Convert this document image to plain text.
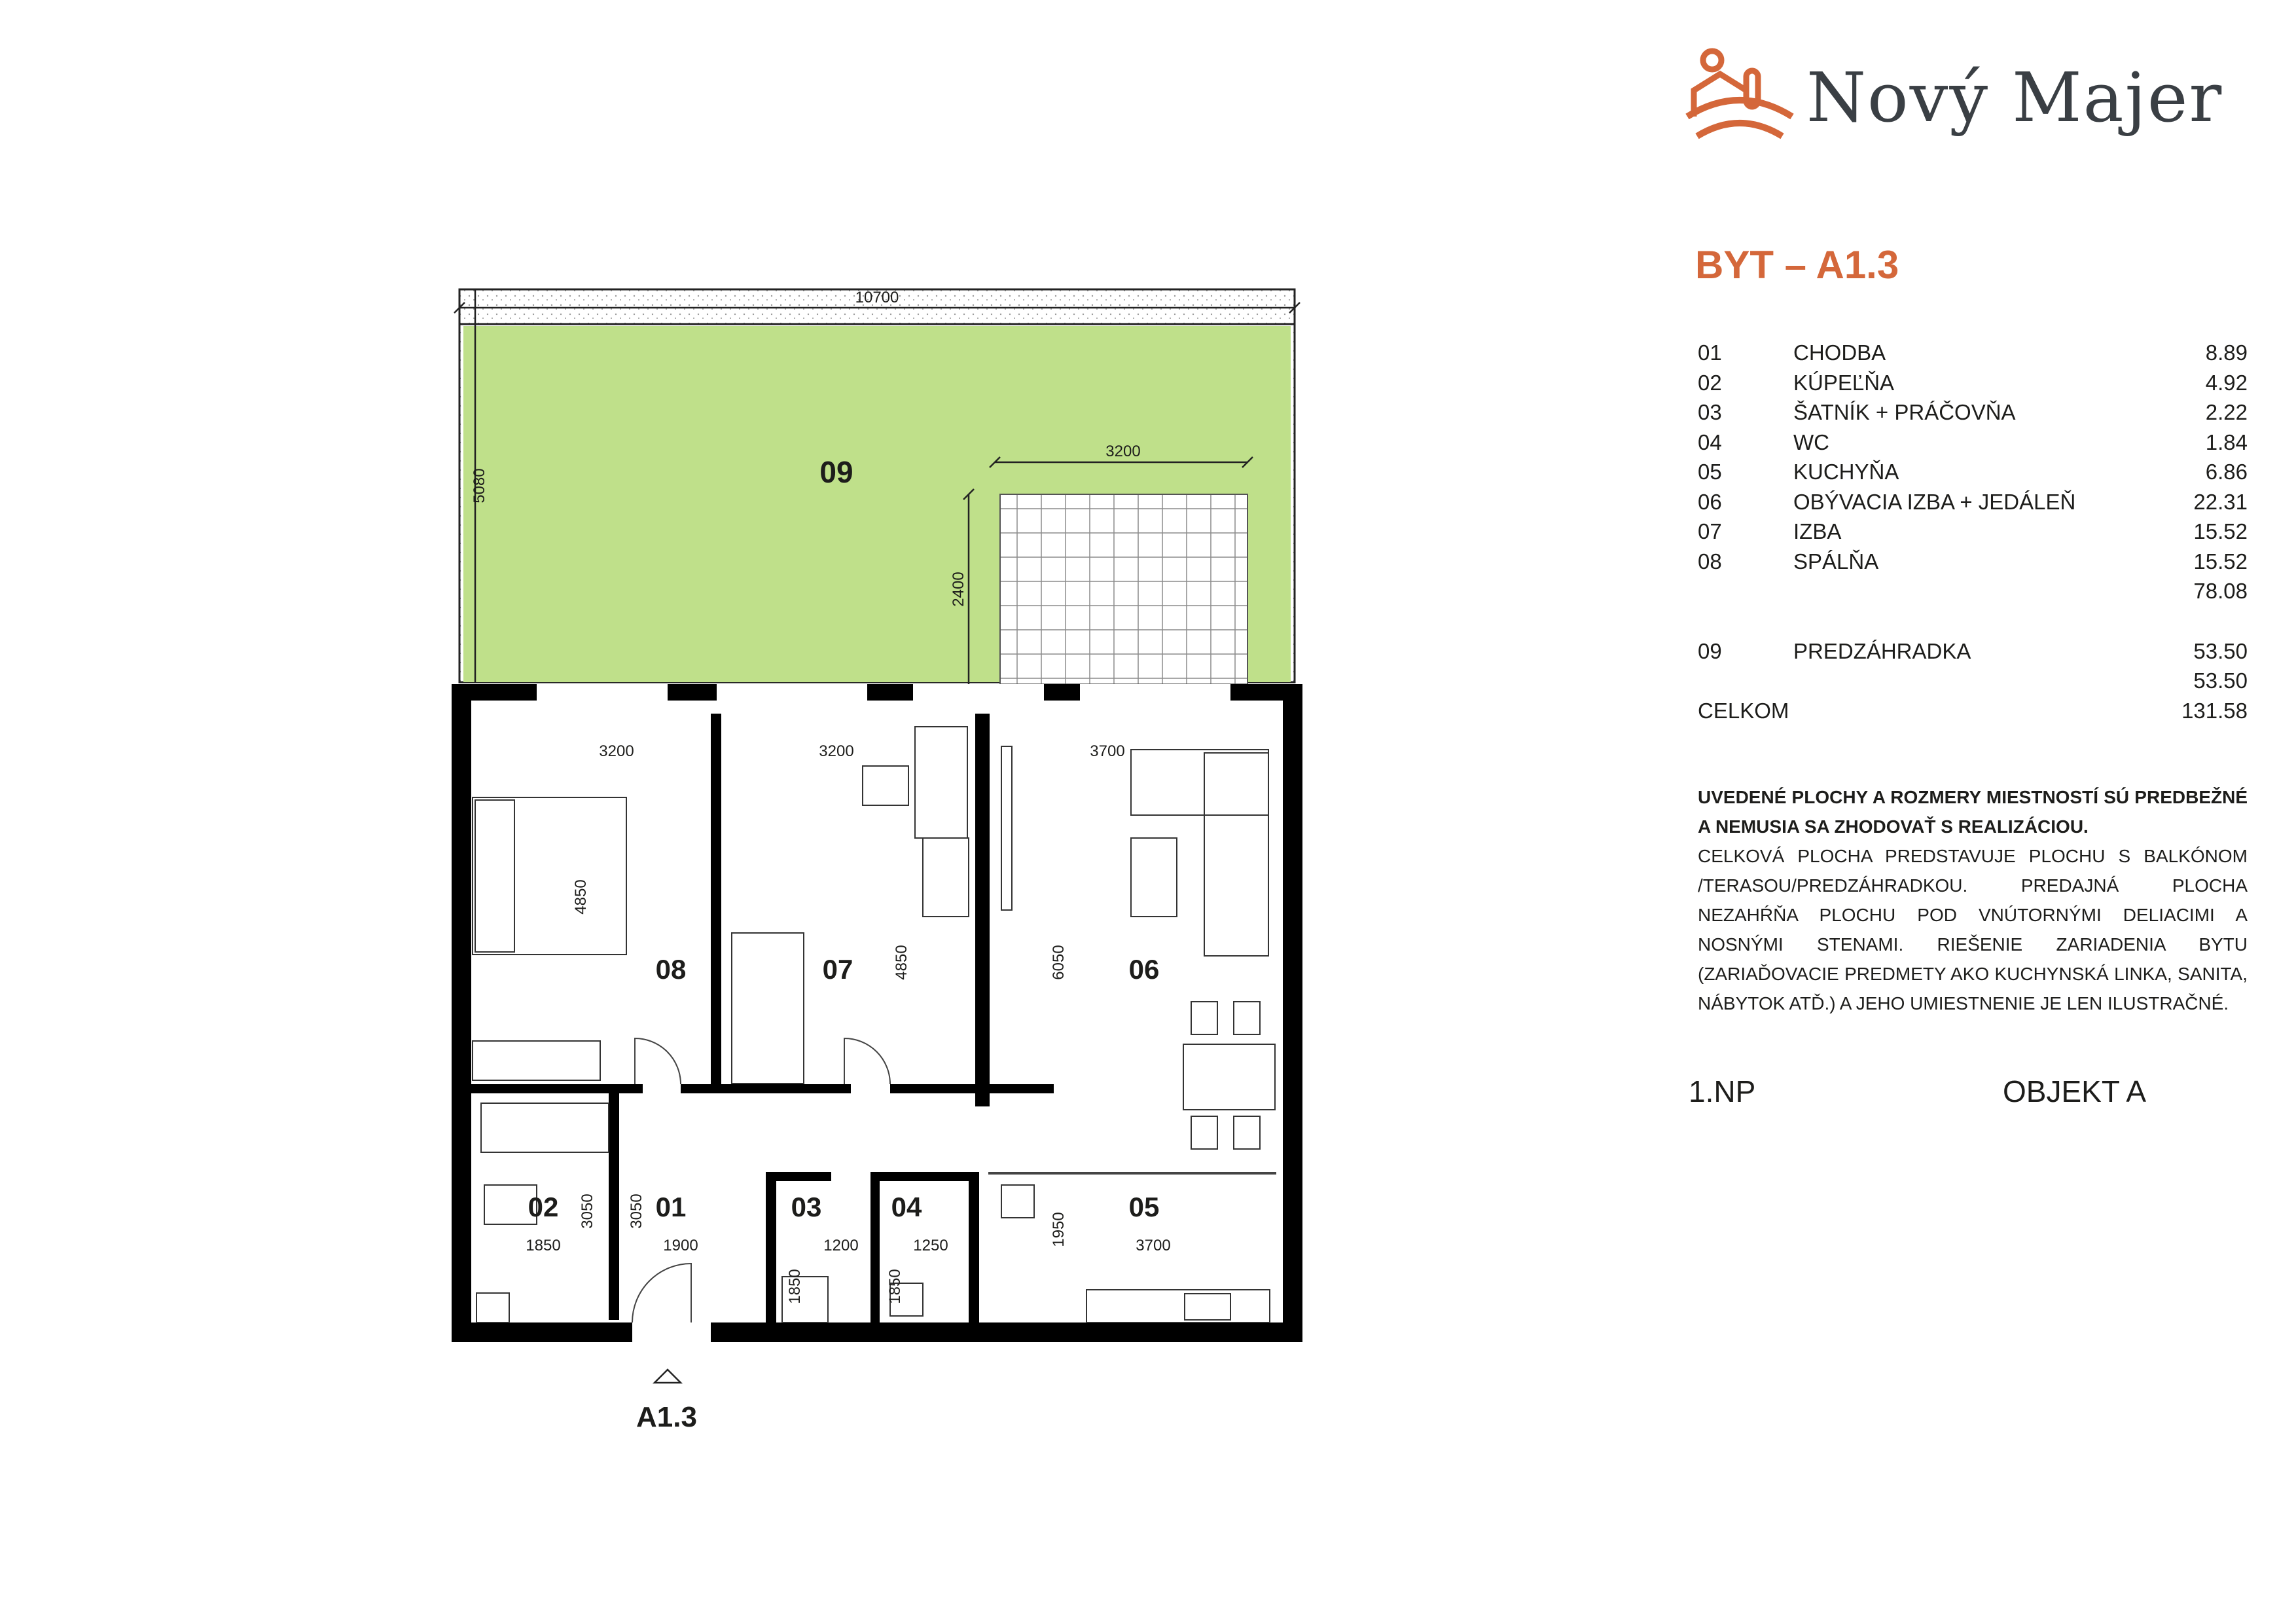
09
08	07	06
02	01	03	04	05
10700
5080
3200
2400
3200
4850
3200
4850
3700
6050
1850
3050
1900
3050
1200
1850
1250
1850
3700
1950
Nový Majer
BYT – A1.3
01	CHODBA	8.89
02	KÚPEĽŇA	4.92
03	ŠATNÍK + PRÁČOVŇA	2.22
04	WC	1.84
05	KUCHYŇA	6.86
06	OBÝVACIA IZBA + JEDÁLEŇ	22.31
07	IZBA	15.52
08	SPÁLŇA	15.52
78.08
09	PREDZÁHRADKA	53.50
53.50
CELKOM	131.58
UVEDENÉ PLOCHY A ROZMERY MIESTNOSTÍ SÚ PREDBEŽNÉ
A NEMUSIA SA ZHODOVAŤ S REALIZÁCIOU.
CELKOVÁ PLOCHA PREDSTAVUJE PLOCHU S BALKÓNOM
/TERASOU/PREDZÁHRADKOU. PREDAJNÁ PLOCHA
NEZAHŔŇA PLOCHU POD VNÚTORNÝMI DELIACIMI A
NOSNÝMI STENAMI. RIEŠENIE ZARIADENIA BYTU
(ZARIAĎOVACIE PREDMETY AKO KUCHYNSKÁ LINKA, SANITA,
NÁBYTOK ATĎ.) A JEHO UMIESTNENIE JE LEN ILUSTRAČNÉ.
1.NP	OBJEKT A
A1.3
